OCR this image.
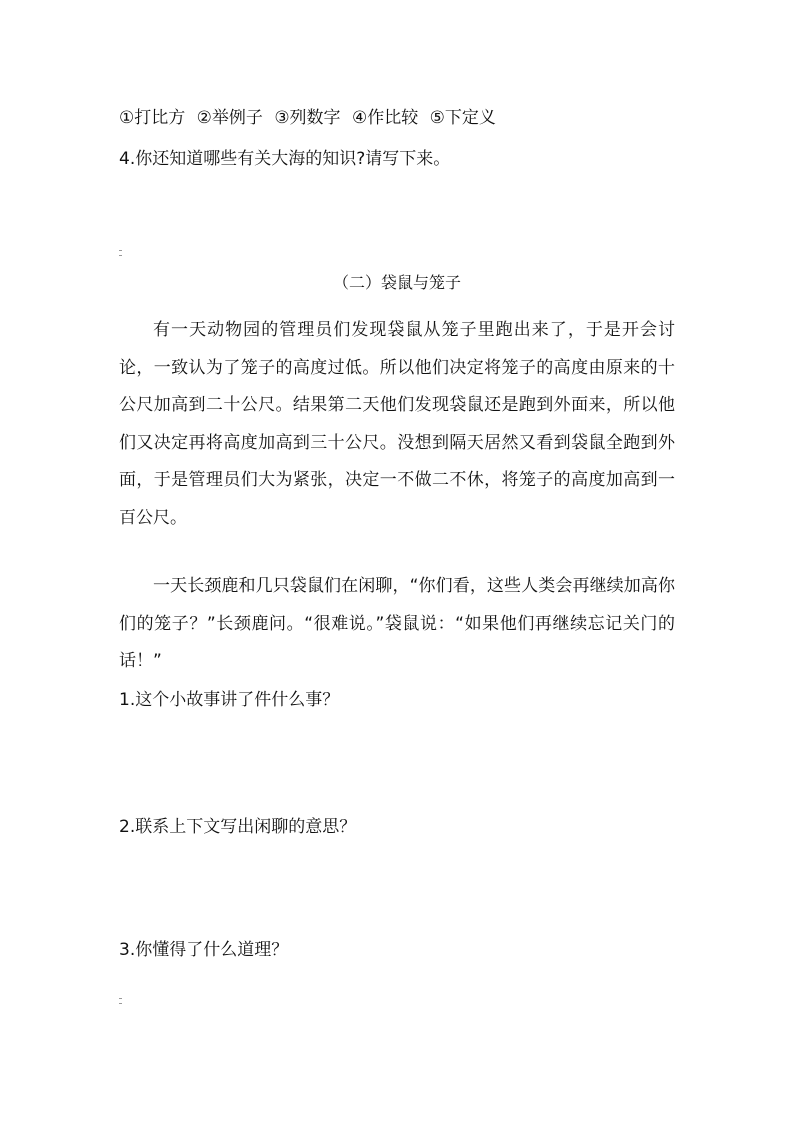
①打比方 ②举例子 ③列数字 ④作比较 ⑤下定义
4.你还知道哪些有关大海的知识?请写下来。
（二）袋鼠与笼子
有一天动物园的管理员们发现袋鼠从笼子里跑出来了，于是开会讨论，一致认为了笼子的高度过低。所以他们决定将笼子的高度由原来的十公尺加高到二十公尺。结果第二天他们发现袋鼠还是跑到外面来，所以他们又决定再将高度加高到三十公尺。没想到隔天居然又看到袋鼠全跑到外面，于是管理员们大为紧张，决定一不做二不休，将笼子的高度加高到一百公尺。
一天长颈鹿和几只袋鼠们在闲聊，“你们看，这些人类会再继续加高你们的笼子？”长颈鹿问。“很难说。”袋鼠说：“如果他们再继续忘记关门的话！”
1.这个小故事讲了件什么事？
2.联系上下文写出闲聊的意思？
3.你懂得了什么道理？
